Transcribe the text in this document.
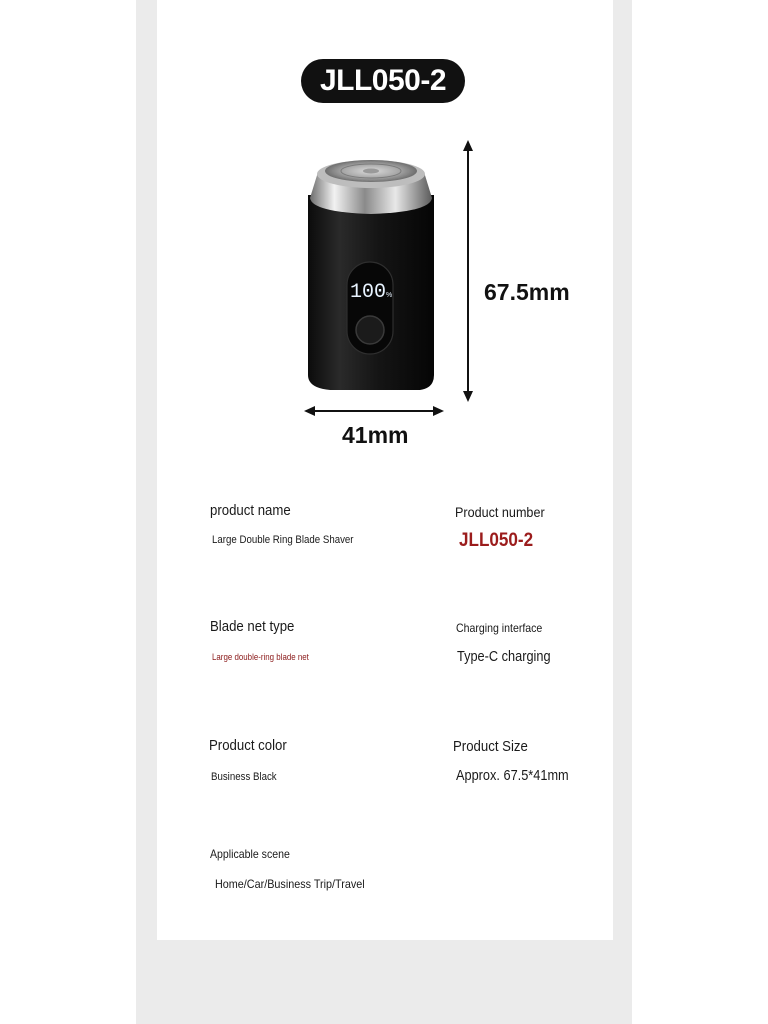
JLL050-2
100 %	67.5mm
41mm
product name
Large Double Ring Blade Shaver
Product number
JLL050-2
Blade net type
Large double-ring blade net
Charging interface
Type-C charging
Product color
Business Black
Product Size
Approx. 67.5*41mm
Applicable scene
Home/Car/Business Trip/Travel
